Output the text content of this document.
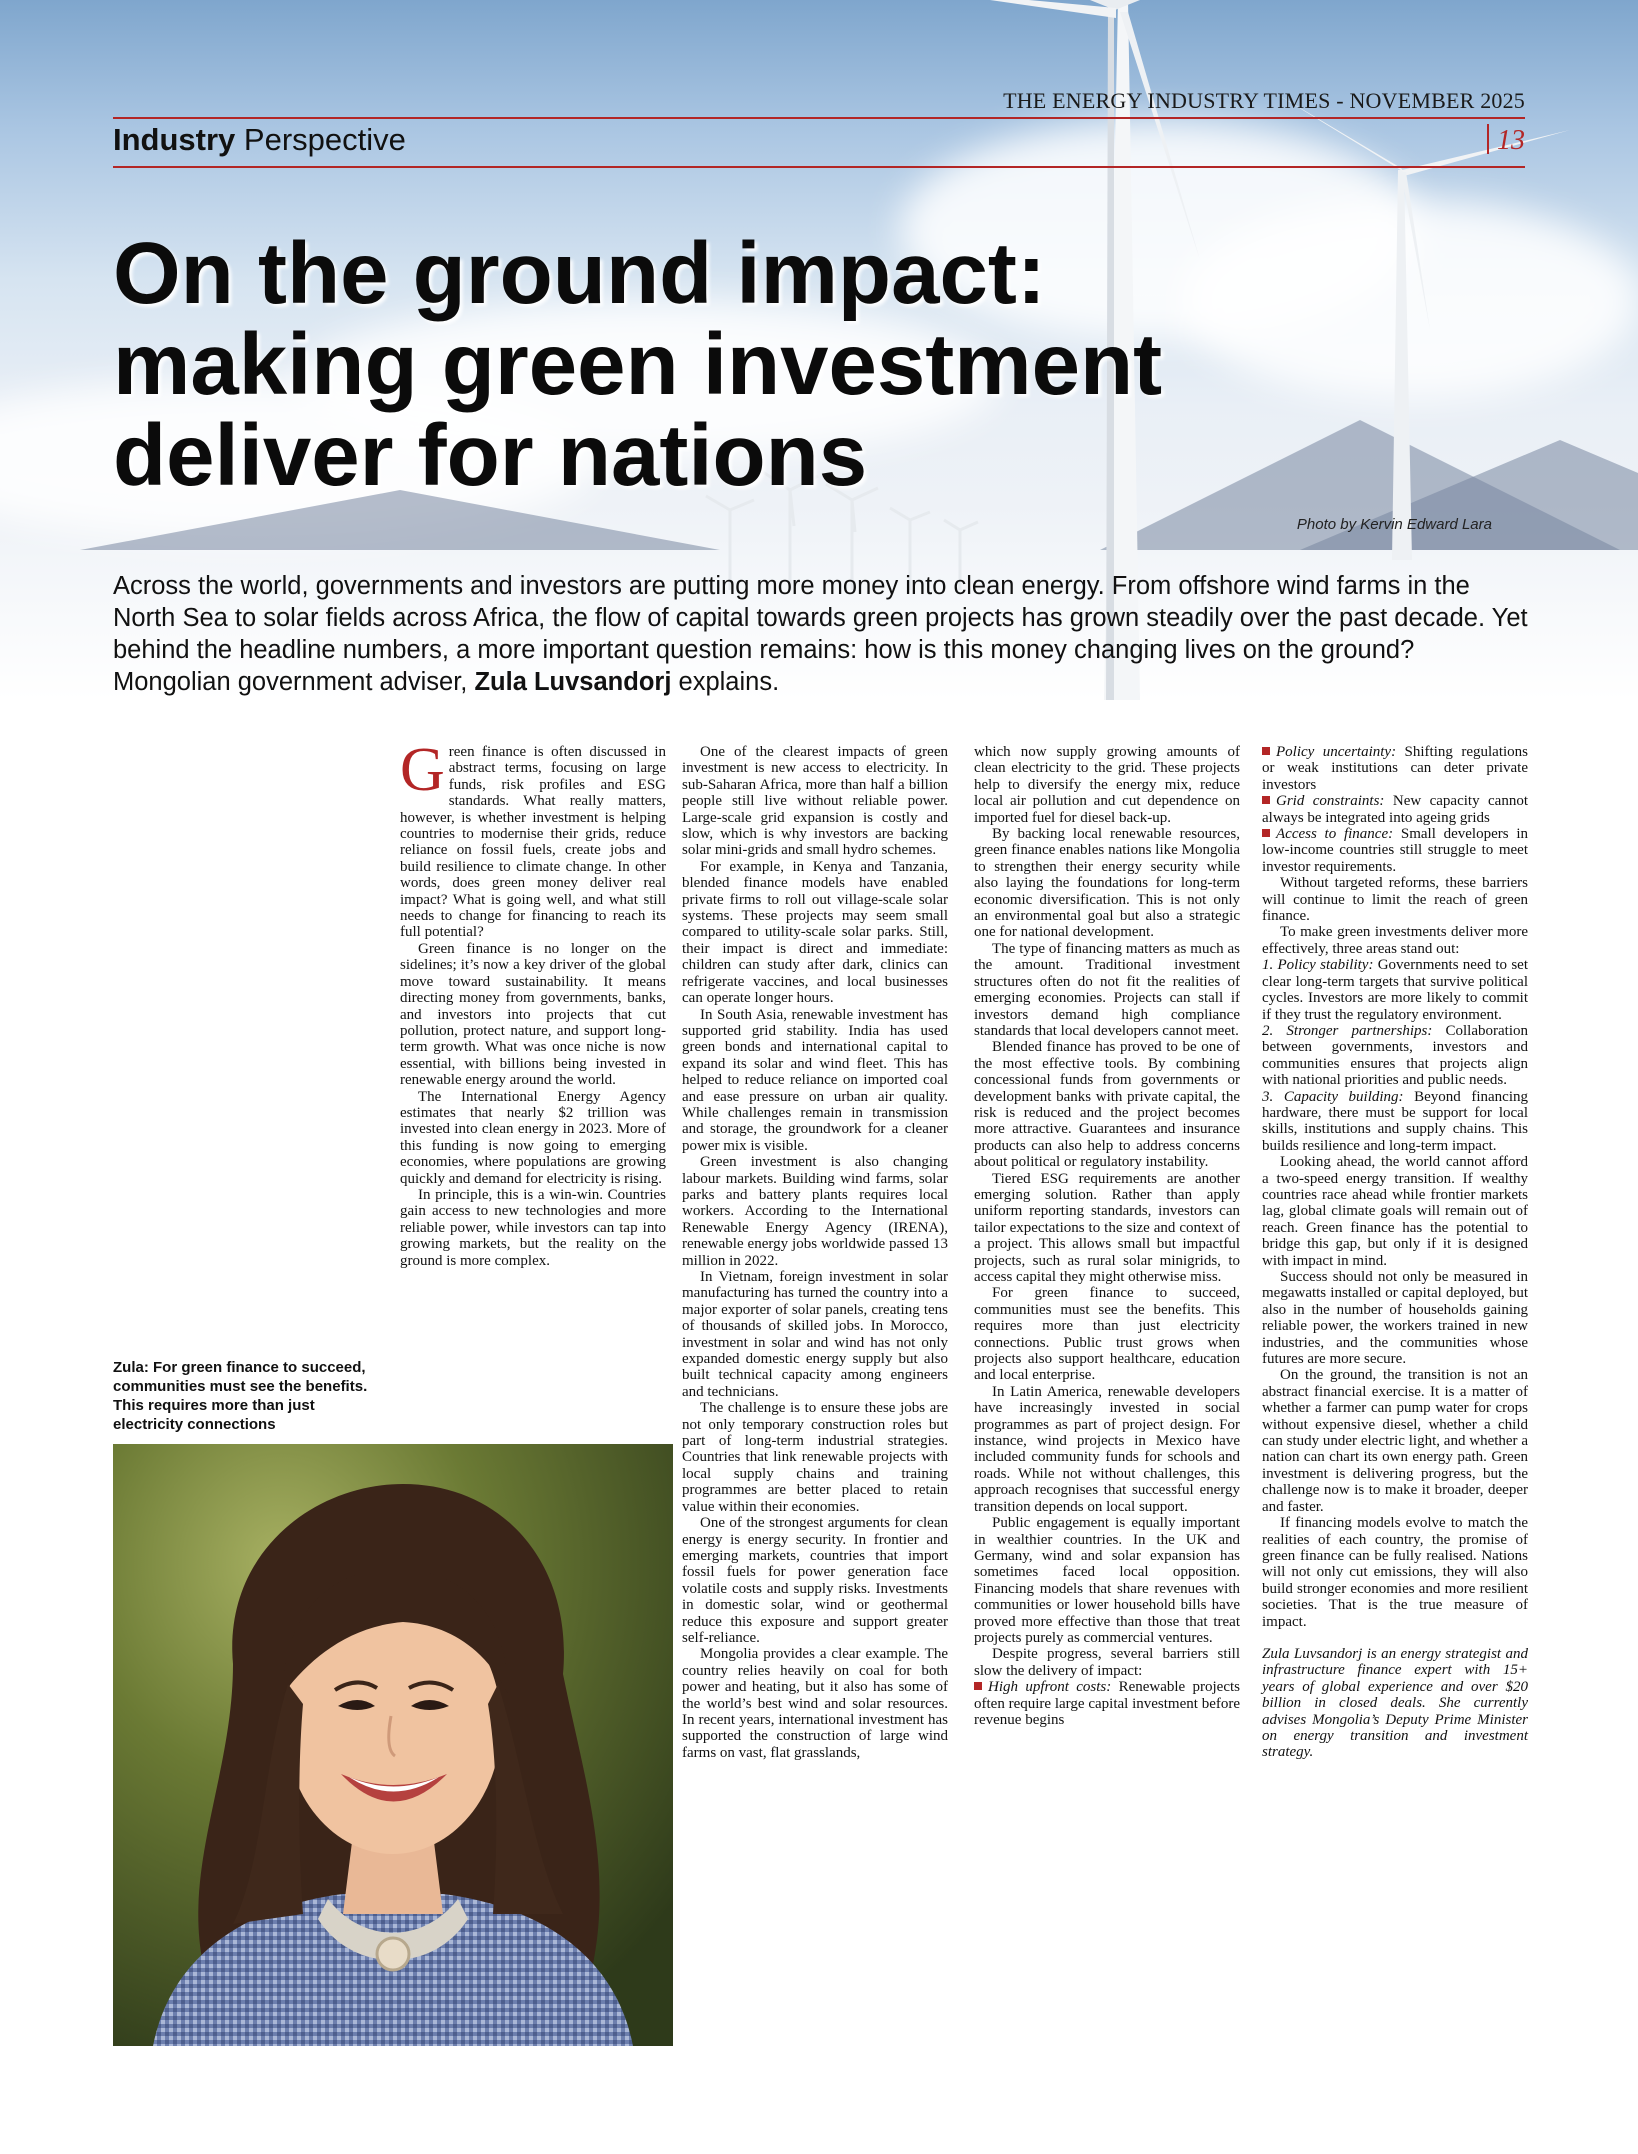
THE ENERGY INDUSTRY TIMES - NOVEMBER 2025
Industry Perspective	13
On the ground impact:
making green investment
deliver for nations
Photo by Kervin Edward Lara
Across the world, governments and investors are putting more money into clean energy. From offshore wind farms in the North Sea to solar fields across Africa, the flow of capital towards green projects has grown steadily over the past decade. Yet behind the headline numbers, a more important question remains: how is this money changing lives on the ground? Mongolian government adviser, Zula Luvsandorj explains.
Zula: For green finance to succeed, communities must see the benefits. This requires more than just electricity connections

Green finance is often discussed in abstract terms, focusing on large funds, risk profiles and ESG standards. What really matters, however, is whether investment is helping countries to modernise their grids, reduce reliance on fossil fuels, create jobs and build resilience to climate change. In other words, does green money deliver real impact? What is going well, and what still needs to change for financing to reach its full potential?

Green finance is no longer on the sidelines; it’s now a key driver of the global move toward sustainability. It means directing money from governments, banks, and investors into projects that cut pollution, protect nature, and support long-term growth. What was once niche is now essential, with billions being invested in renewable energy around the world.

The International Energy Agency estimates that nearly $2 trillion was invested into clean energy in 2023. More of this funding is now going to emerging economies, where populations are growing quickly and demand for electricity is rising.

In principle, this is a win-win. Countries gain access to new technologies and more reliable power, while investors can tap into growing markets, but the reality on the ground is more complex.

One of the clearest impacts of green investment is new access to electricity. In sub-Saharan Africa, more than half a billion people still live without reliable power. Large-scale grid expansion is costly and slow, which is why investors are backing solar mini-grids and small hydro schemes.

For example, in Kenya and Tanzania, blended finance models have enabled private firms to roll out village-scale solar systems. These projects may seem small compared to utility-scale solar parks. Still, their impact is direct and immediate: children can study after dark, clinics can refrigerate vaccines, and local businesses can operate longer hours.

In South Asia, renewable investment has supported grid stability. India has used green bonds and international capital to expand its solar and wind fleet. This has helped to reduce reliance on imported coal and ease pressure on urban air quality. While challenges remain in transmission and storage, the groundwork for a cleaner power mix is visible.

Green investment is also changing labour markets. Building wind farms, solar parks and battery plants requires local workers. According to the International Renewable Energy Agency (IRENA), renewable energy jobs worldwide passed 13 million in 2022.

In Vietnam, foreign investment in solar manufacturing has turned the country into a major exporter of solar panels, creating tens of thousands of skilled jobs. In Morocco, investment in solar and wind has not only expanded domestic energy supply but also built technical capacity among engineers and technicians.

The challenge is to ensure these jobs are not only temporary construction roles but part of long-term industrial strategies. Countries that link renewable projects with local supply chains and training programmes are better placed to retain value within their economies.

One of the strongest arguments for clean energy is energy security. In frontier and emerging markets, countries that import fossil fuels for power generation face volatile costs and supply risks. Investments in domestic solar, wind or geothermal reduce this exposure and support greater self-reliance.

Mongolia provides a clear example. The country relies heavily on coal for both power and heating, but it also has some of the world’s best wind and solar resources. In recent years, international investment has supported the construction of large wind farms on vast, flat grasslands,

which now supply growing amounts of clean electricity to the grid. These projects help to diversify the energy mix, reduce local air pollution and cut dependence on imported fuel for diesel back-up.

By backing local renewable resources, green finance enables nations like Mongolia to strengthen their energy security while also laying the foundations for long-term economic diversification. This is not only an environmental goal but also a strategic one for national development.

The type of financing matters as much as the amount. Traditional investment structures often do not fit the realities of emerging economies. Projects can stall if investors demand high compliance standards that local developers cannot meet.

Blended finance has proved to be one of the most effective tools. By combining concessional funds from governments or development banks with private capital, the risk is reduced and the project becomes more attractive. Guarantees and insurance products can also help to address concerns about political or regulatory instability.

Tiered ESG requirements are another emerging solution. Rather than apply uniform reporting standards, investors can tailor expectations to the size and context of a project. This allows small but impactful projects, such as rural solar minigrids, to access capital they might otherwise miss.

For green finance to succeed, communities must see the benefits. This requires more than just electricity connections. Public trust grows when projects also support healthcare, education and local enterprise.

In Latin America, renewable developers have increasingly invested in social programmes as part of project design. For instance, wind projects in Mexico have included community funds for schools and roads. While not without challenges, this approach recognises that successful energy transition depends on local support.

Public engagement is equally important in wealthier countries. In the UK and Germany, wind and solar expansion has sometimes faced local opposition. Financing models that share revenues with communities or lower household bills have proved more effective than those that treat projects purely as commercial ventures.

Despite progress, several barriers still slow the delivery of impact:

High upfront costs: Renewable projects often require large capital investment before revenue begins

Policy uncertainty: Shifting regulations or weak institutions can deter private investors

Grid constraints: New capacity cannot always be integrated into ageing grids

Access to finance: Small developers in low-income countries still struggle to meet investor requirements.

Without targeted reforms, these barriers will continue to limit the reach of green finance.

To make green investments deliver more effectively, three areas stand out:

1. Policy stability: Governments need to set clear long-term targets that survive political cycles. Investors are more likely to commit if they trust the regulatory environment.

2. Stronger partnerships: Collaboration between governments, investors and communities ensures that projects align with national priorities and public needs.

3. Capacity building: Beyond financing hardware, there must be support for local skills, institutions and supply chains. This builds resilience and long-term impact.

Looking ahead, the world cannot afford a two-speed energy transition. If wealthy countries race ahead while frontier markets lag, global climate goals will remain out of reach. Green finance has the potential to bridge this gap, but only if it is designed with impact in mind.

Success should not only be measured in megawatts installed or capital deployed, but also in the number of households gaining reliable power, the workers trained in new industries, and the communities whose futures are more secure.

On the ground, the transition is not an abstract financial exercise. It is a matter of whether a farmer can pump water for crops without expensive diesel, whether a child can study under electric light, and whether a nation can chart its own energy path. Green investment is delivering progress, but the challenge now is to make it broader, deeper and faster.

If financing models evolve to match the realities of each country, the promise of green finance can be fully realised. Nations will not only cut emissions, they will also build stronger economies and more resilient societies. That is the true measure of impact.

Zula Luvsandorj is an energy strategist and infrastructure finance expert with 15+ years of global experience and over $20 billion in closed deals. She currently advises Mongolia’s Deputy Prime Minister on energy transition and investment strategy.
